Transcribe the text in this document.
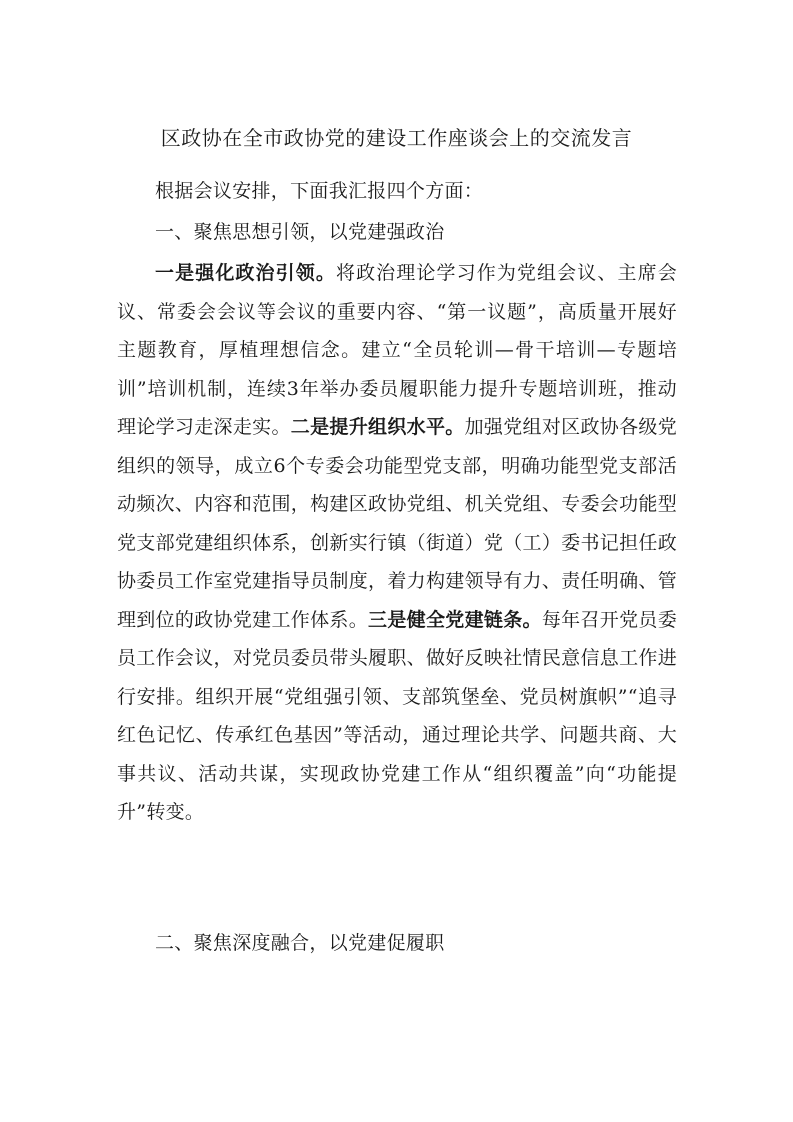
区政协在全市政协党的建设工作座谈会上的交流发言

根据会议安排，下面我汇报四个方面：

一、聚焦思想引领，以党建强政治

一是强化政治引领。将政治理论学习作为党组会议、主席会议、常委会会议等会议的重要内容、“第一议题”，高质量开展好主题教育，厚植理想信念。建立“全员轮训—骨干培训—专题培训”培训机制，连续3年举办委员履职能力提升专题培训班，推动理论学习走深走实。二是提升组织水平。加强党组对区政协各级党组织的领导，成立6个专委会功能型党支部，明确功能型党支部活动频次、内容和范围，构建区政协党组、机关党组、专委会功能型党支部党建组织体系，创新实行镇（街道）党（工）委书记担任政协委员工作室党建指导员制度，着力构建领导有力、责任明确、管理到位的政协党建工作体系。三是健全党建链条。每年召开党员委员工作会议，对党员委员带头履职、做好反映社情民意信息工作进行安排。组织开展“党组强引领、支部筑堡垒、党员树旗帜”“追寻红色记忆、传承红色基因”等活动，通过理论共学、问题共商、大事共议、活动共谋，实现政协党建工作从“组织覆盖”向“功能提升”转变。

二、聚焦深度融合，以党建促履职
